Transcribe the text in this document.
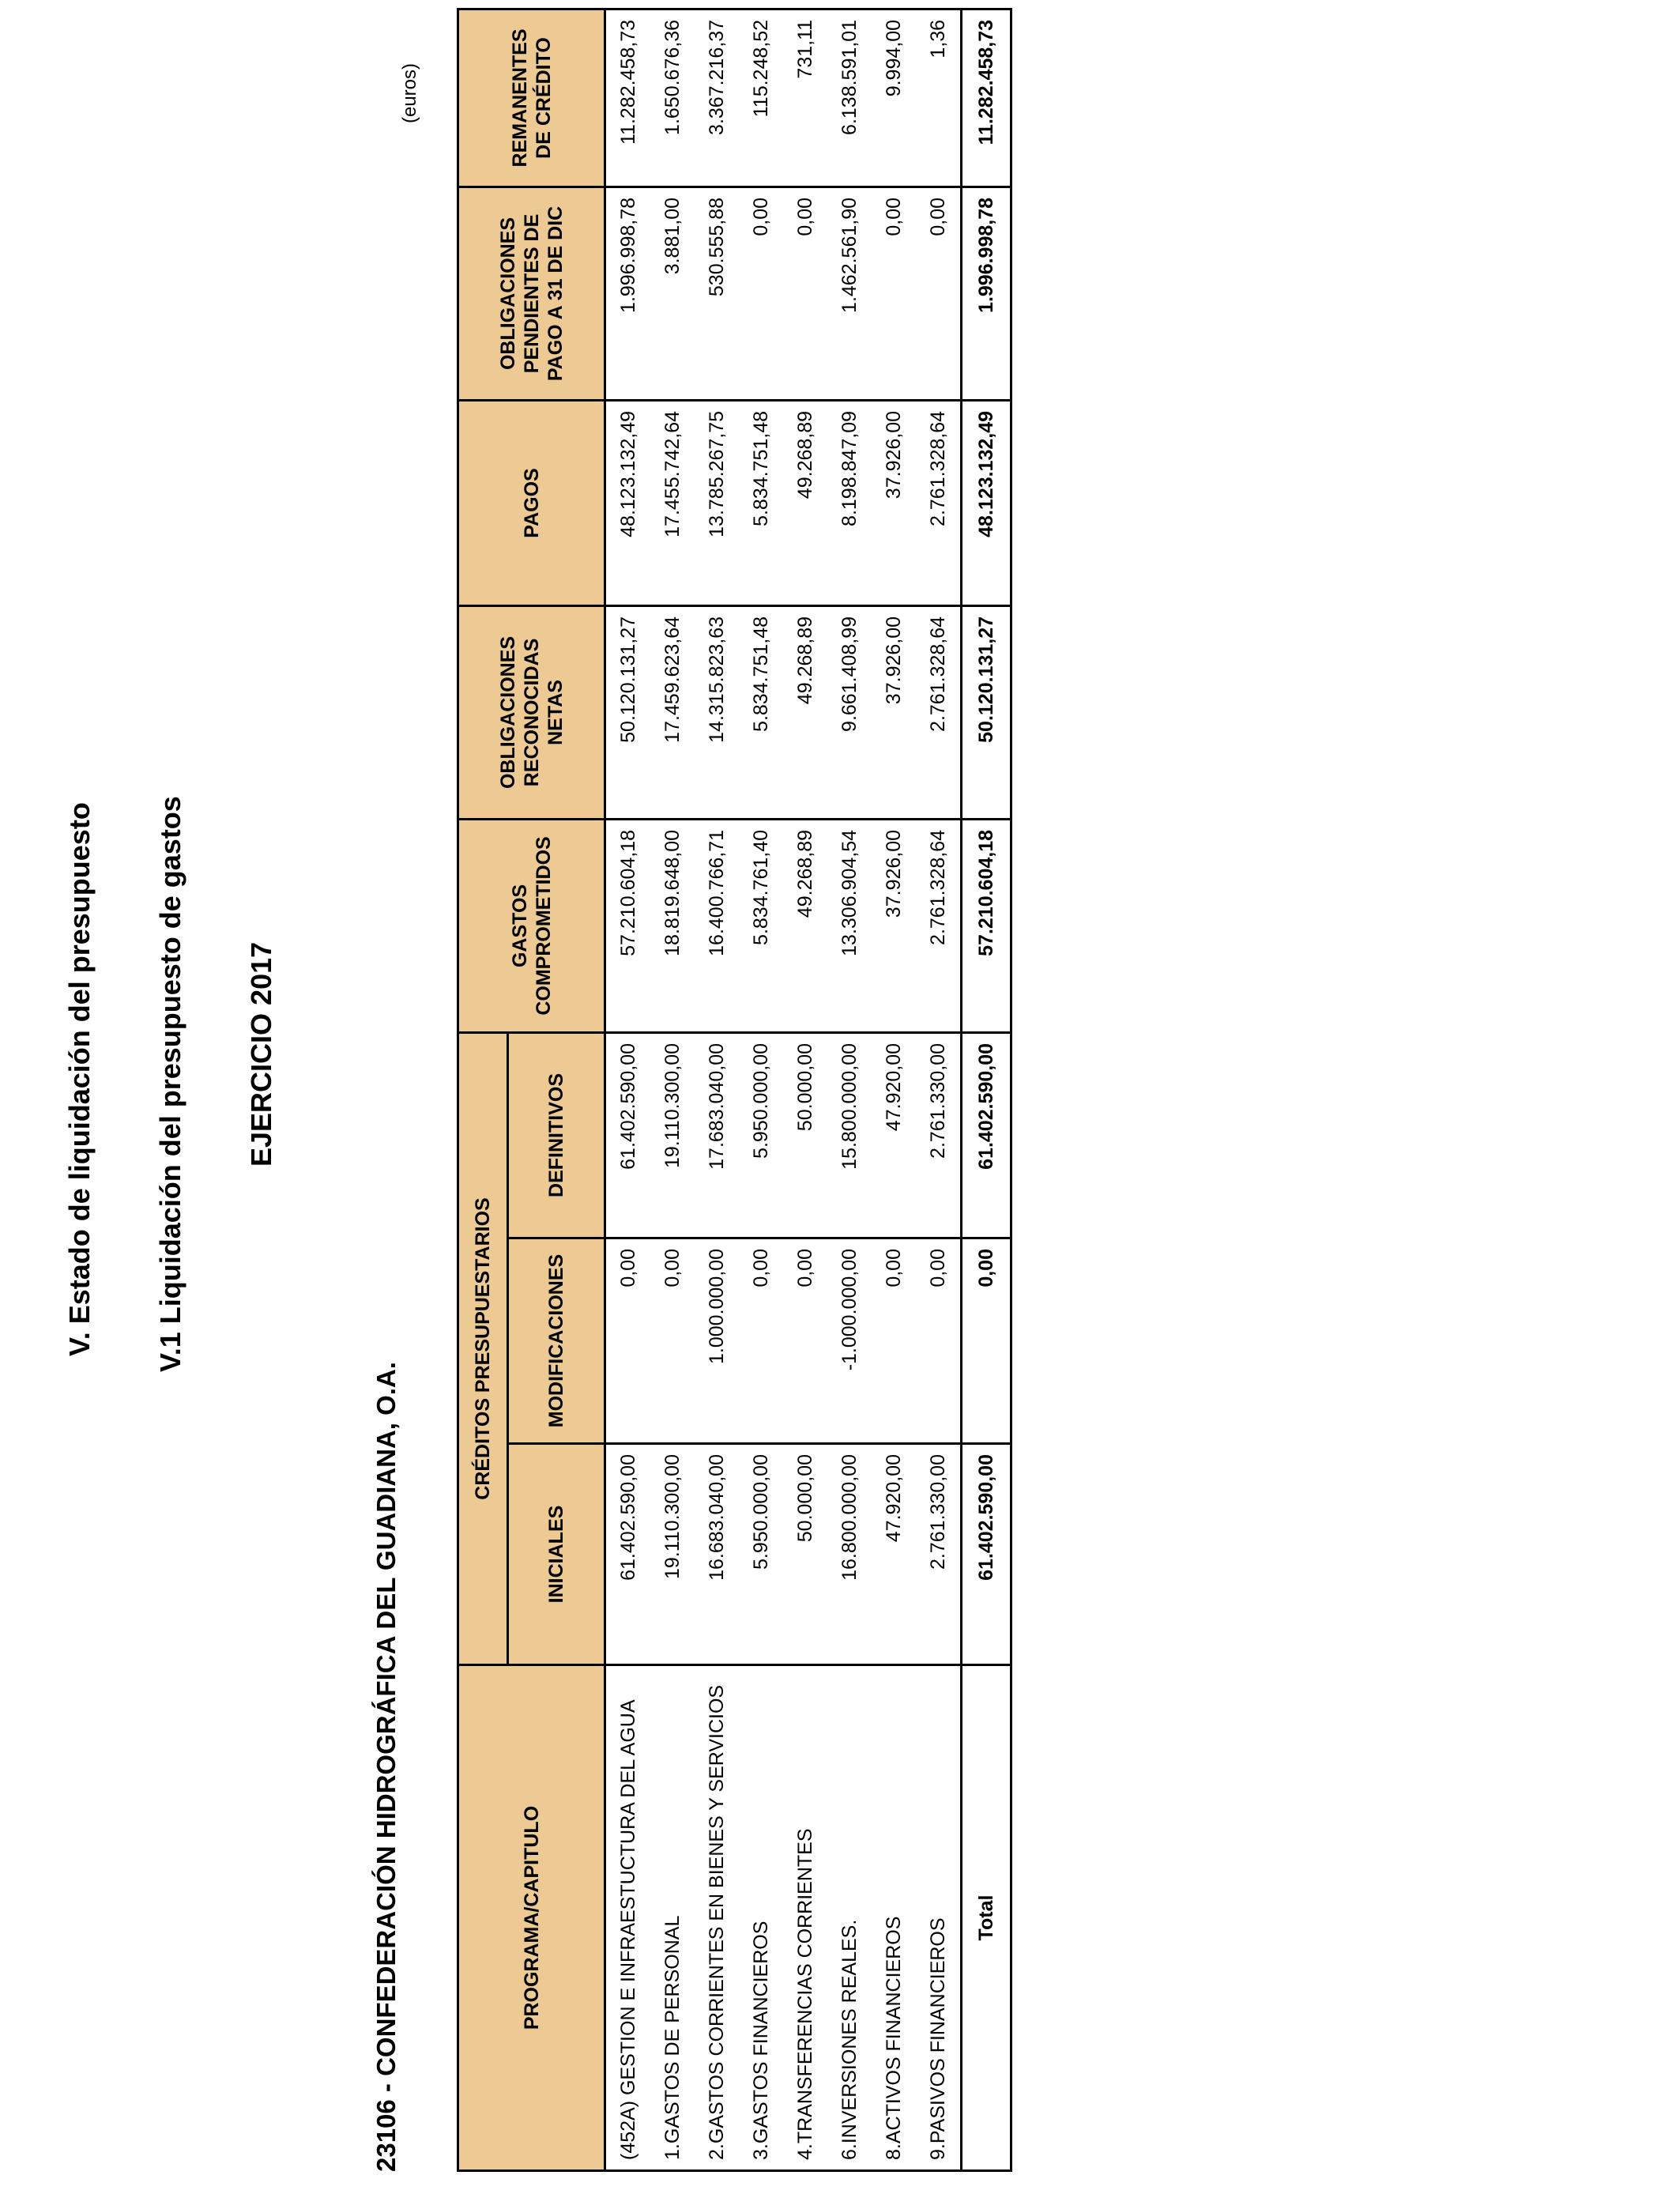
V. Estado de liquidación del presupuesto V.1 Liquidación del presupuesto de gastos EJERCICIO 2017
23106 - CONFEDERACIÓN HIDROGRÁFICA DEL GUADIANA, O.A.
(euros)
PROGRAMA/CAPITULO	CRÉDITOS PRESUPUESTARIOS			GASTOS COMPROMETIDOS	OBLIGACIONES RECONOCIDAS NETAS	PAGOS	OBLIGACIONES PENDIENTES DE PAGO A 31 DE DIC	REMANENTES DE CRÉDITO
	INICIALES	MODIFICACIONES	DEFINITIVOS					
(452A) GESTION E INFRAESTUCTURA DEL AGUA	61.402.590,00	0,00	61.402.590,00	57.210.604,18	50.120.131,27	48.123.132,49	1.996.998,78	11.282.458,73
1.GASTOS DE PERSONAL	19.110.300,00	0,00	19.110.300,00	18.819.648,00	17.459.623,64	17.455.742,64	3.881,00	1.650.676,36
2.GASTOS CORRIENTES EN BIENES Y SERVICIOS	16.683.040,00	1.000.000,00	17.683.040,00	16.400.766,71	14.315.823,63	13.785.267,75	530.555,88	3.367.216,37
3.GASTOS FINANCIEROS	5.950.000,00	0,00	5.950.000,00	5.834.761,40	5.834.751,48	5.834.751,48	0,00	115.248,52
4.TRANSFERENCIAS CORRIENTES	50.000,00	0,00	50.000,00	49.268,89	49.268,89	49.268,89	0,00	731,11
6.INVERSIONES REALES.	16.800.000,00	-1.000.000,00	15.800.000,00	13.306.904,54	9.661.408,99	8.198.847,09	1.462.561,90	6.138.591,01
8.ACTIVOS FINANCIEROS	47.920,00	0,00	47.920,00	37.926,00	37.926,00	37.926,00	0,00	9.994,00
9.PASIVOS FINANCIEROS	2.761.330,00	0,00	2.761.330,00	2.761.328,64	2.761.328,64	2.761.328,64	0,00	1,36
Total	61.402.590,00	0,00	61.402.590,00	57.210.604,18	50.120.131,27	48.123.132,49	1.996.998,78	11.282.458,73
